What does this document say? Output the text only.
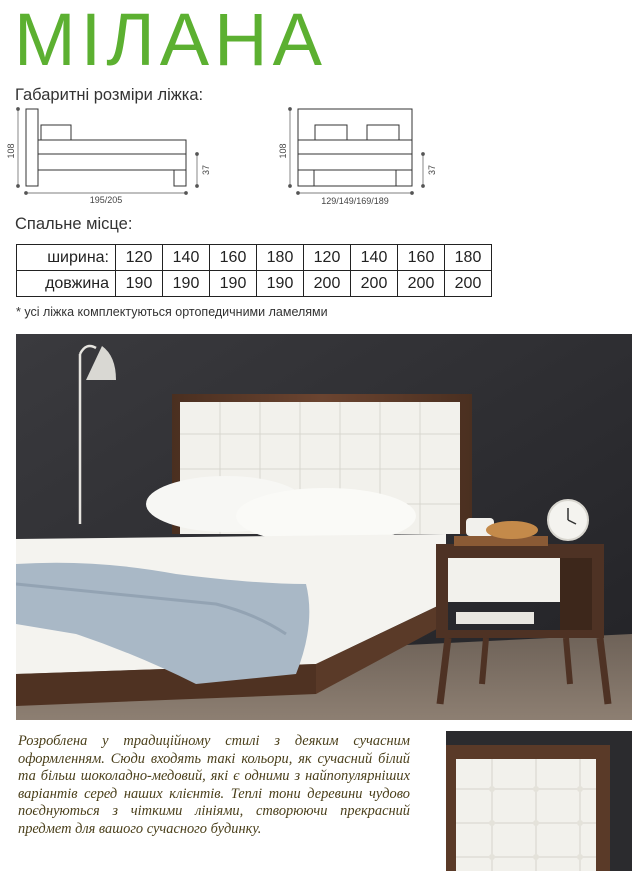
МІЛАНА
Габаритні розміри ліжка:
108
37
195/205
108
37
129/149/169/189
Спальне місце:
ширина:	120	140	160	180	120	140	160	180
довжина	190	190	190	190	200	200	200	200
* усі ліжка комплектуються ортопедичними ламелями
Розроблена у традиційному стилі з деяким сучасним оформленням. Сюди входять такі кольори, як сучасний білий та більш шоколадно-медовий, які є одними з найпопулярніших варіантів серед наших клієнтів. Теплі тони деревини чудово поєднуються з чіткими лініями, створюючи прекрасний предмет для вашого сучасного будинку.
